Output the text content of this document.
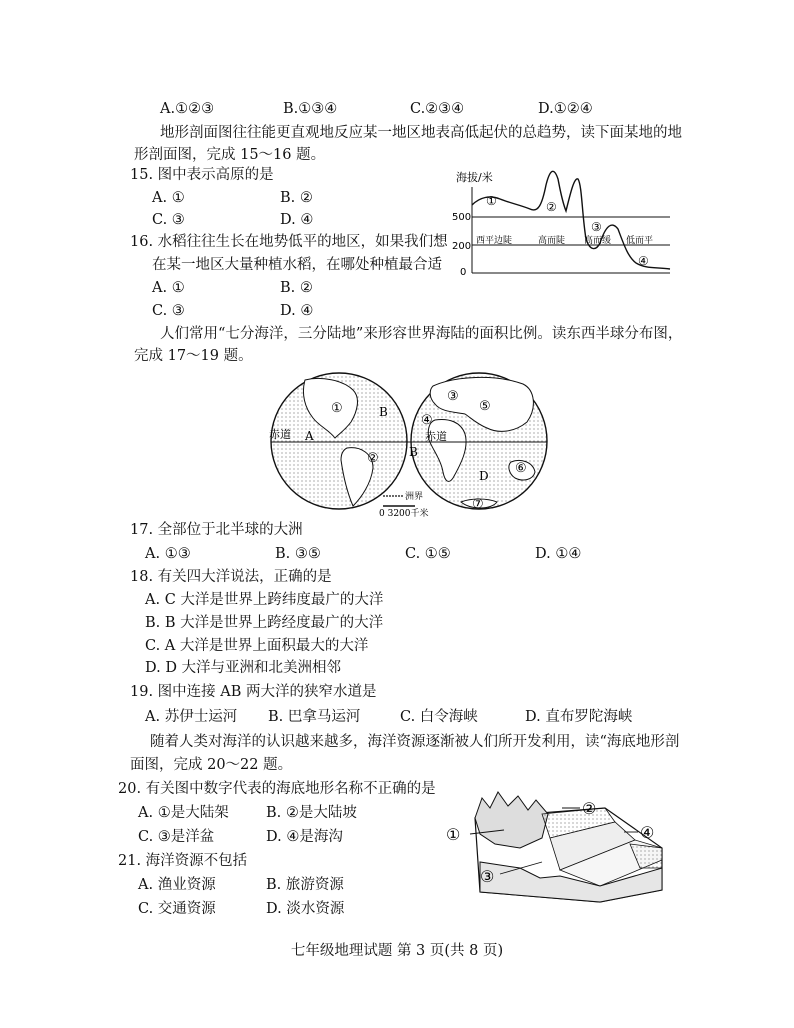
A.①②③	B.①③④	C.②③④	D.①②④
地形剖面图往往能更直观地反应某一地区地表高低起伏的总趋势，读下面某地的地
形剖面图，完成 15～16 题。
15. 图中表示高原的是
A. ①	B. ②
C. ③	D. ④
16. 水稻往往生长在地势低平的地区，如果我们想
在某一地区大量种植水稻，在哪处种植最合适
A. ①	B. ②
C. ③	D. ④
海拔/米
500
200
0
①	②
③
④
西平边陡	高而陡 高而缓 低而平
人们常用“七分海洋，三分陆地”来形容世界海陆的面积比例。读东西半球分布图，
完成 17～19 题。
赤道	赤道
①	B
A
②
④
③
⑤
B
D ⑥
⑦
洲界
0 3200千米
17. 全部位于北半球的大洲
A. ①③	B. ③⑤	C. ①⑤	D. ①④
18. 有关四大洋说法，正确的是
A. C 大洋是世界上跨纬度最广的大洋
B. B 大洋是世界上跨经度最广的大洋
C. A 大洋是世界上面积最大的大洋
D. D 大洋与亚洲和北美洲相邻
19. 图中连接 AB 两大洋的狭窄水道是
A. 苏伊士运河 B. 巴拿马运河	C. 白令海峡	D. 直布罗陀海峡
随着人类对海洋的认识越来越多，海洋资源逐渐被人们所开发利用，读“海底地形剖
面图，完成 20～22 题。
20. 有关图中数字代表的海底地形名称不正确的是
A. ①是大陆架	B. ②是大陆坡
C. ③是洋盆	D. ④是海沟
21. 海洋资源不包括
A. 渔业资源	B. 旅游资源
C. 交通资源	D. 淡水资源
①
②
③
④
七年级地理试题 第 3 页(共 8 页)
